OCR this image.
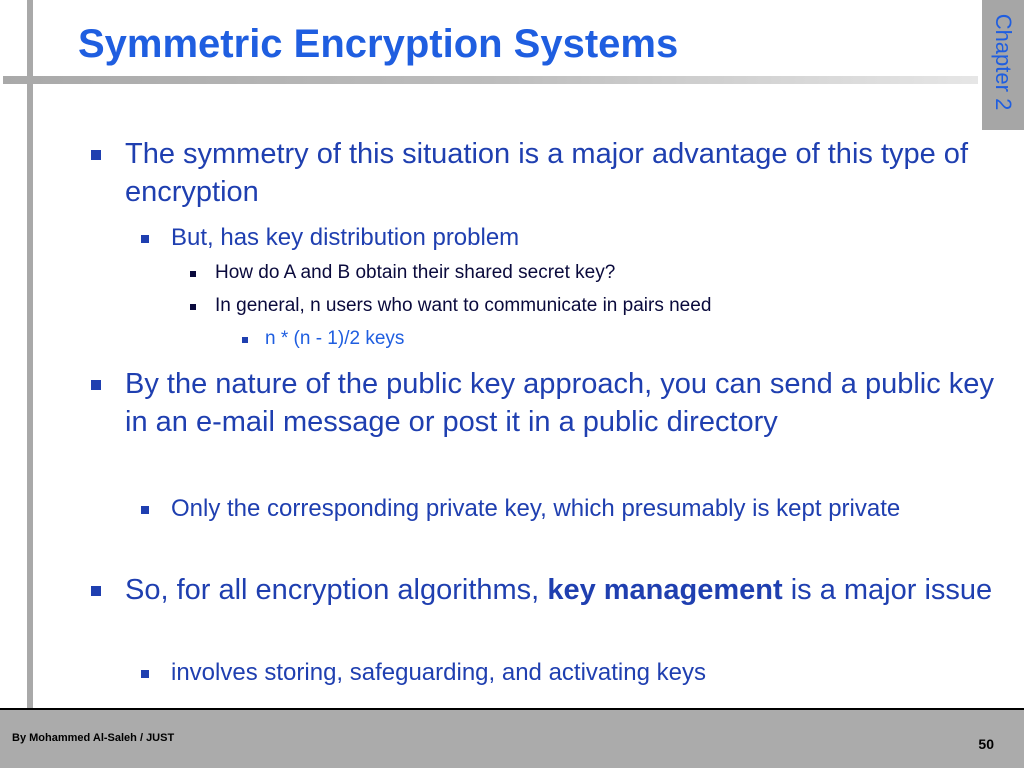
Symmetric Encryption Systems	Chapter 2
The symmetry of this situation is a major advantage of this type of encryption
But, has key distribution problem
How do A and B obtain their shared secret key?
In general, n users who want to communicate in pairs need
n * (n - 1)/2 keys
By the nature of the public key approach, you can send a public key in an e-mail message or post it in a public directory
Only the corresponding private key, which presumably is kept private
So, for all encryption algorithms, key management is a major issue
involves storing, safeguarding, and activating keys
By Mohammed Al-Saleh / JUST	50
